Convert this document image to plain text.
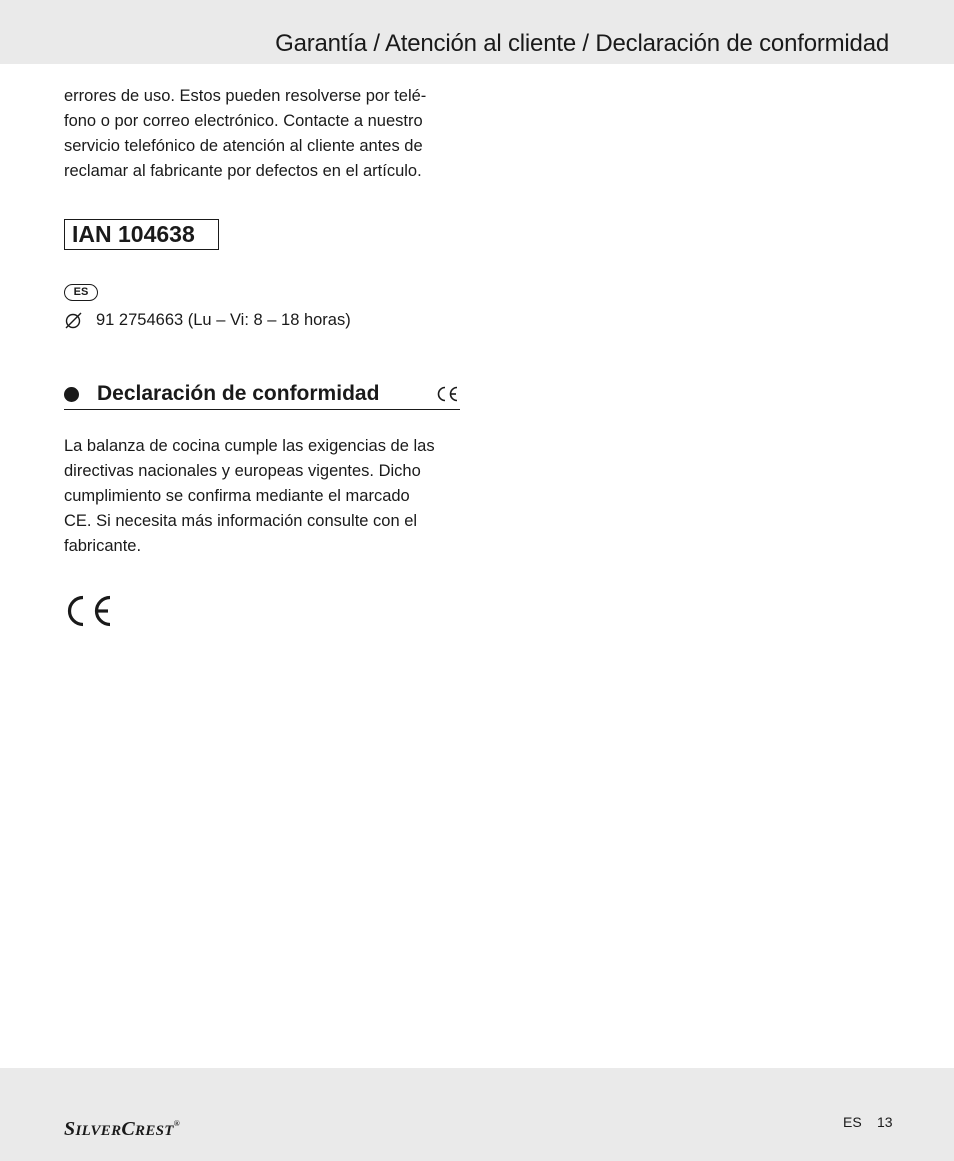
Garantía / Atención al cliente / Declaración de conformidad

errores de uso. Estos pueden resolverse por telé-

fono o por correo electrónico. Contacte a nuestro

servicio telefónico de atención al cliente antes de

reclamar al fabricante por defectos en el artículo.

IAN 104638
ES
91 2754663 (Lu – Vi: 8 – 18 horas)
Declaración de conformidad

La balanza de cocina cumple las exigencias de las

directivas nacionales y europeas vigentes. Dicho

cumplimiento se confirma mediante el marcado

CE. Si necesita más información consulte con el

fabricante.

SILVERCREST®	ES 13
